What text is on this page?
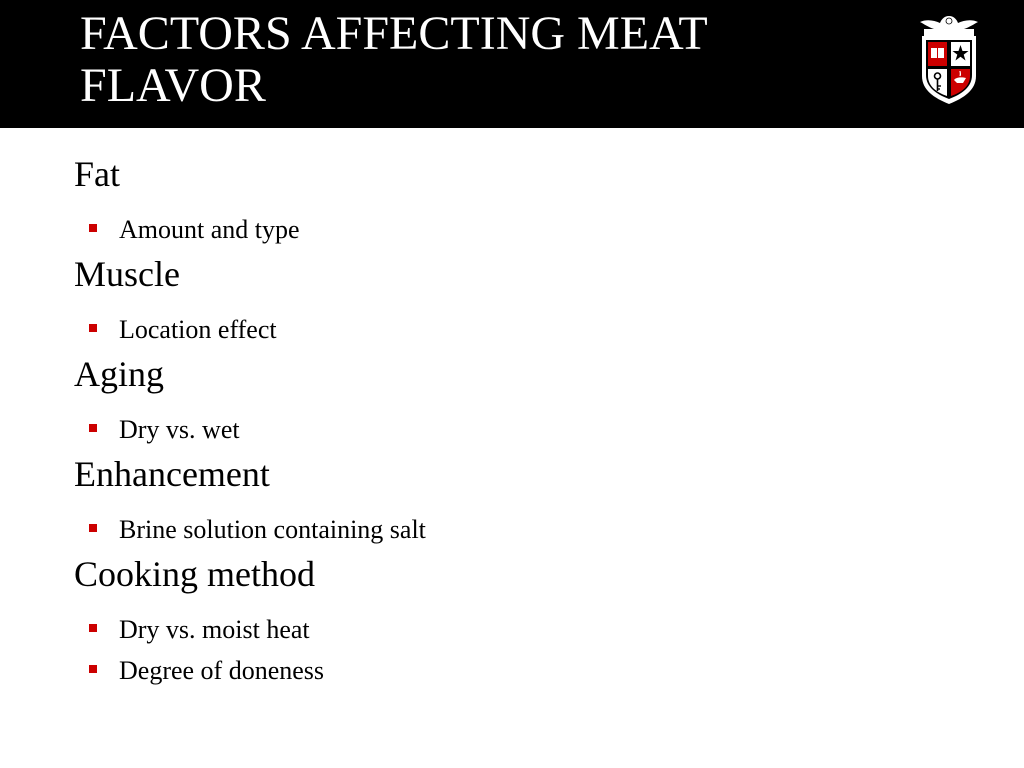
FACTORS AFFECTING MEAT
FLAVOR

Fat

Amount and type

Muscle

Location effect

Aging

Dry vs. wet

Enhancement

Brine solution containing salt

Cooking method

Dry vs. moist heat
Degree of doneness
